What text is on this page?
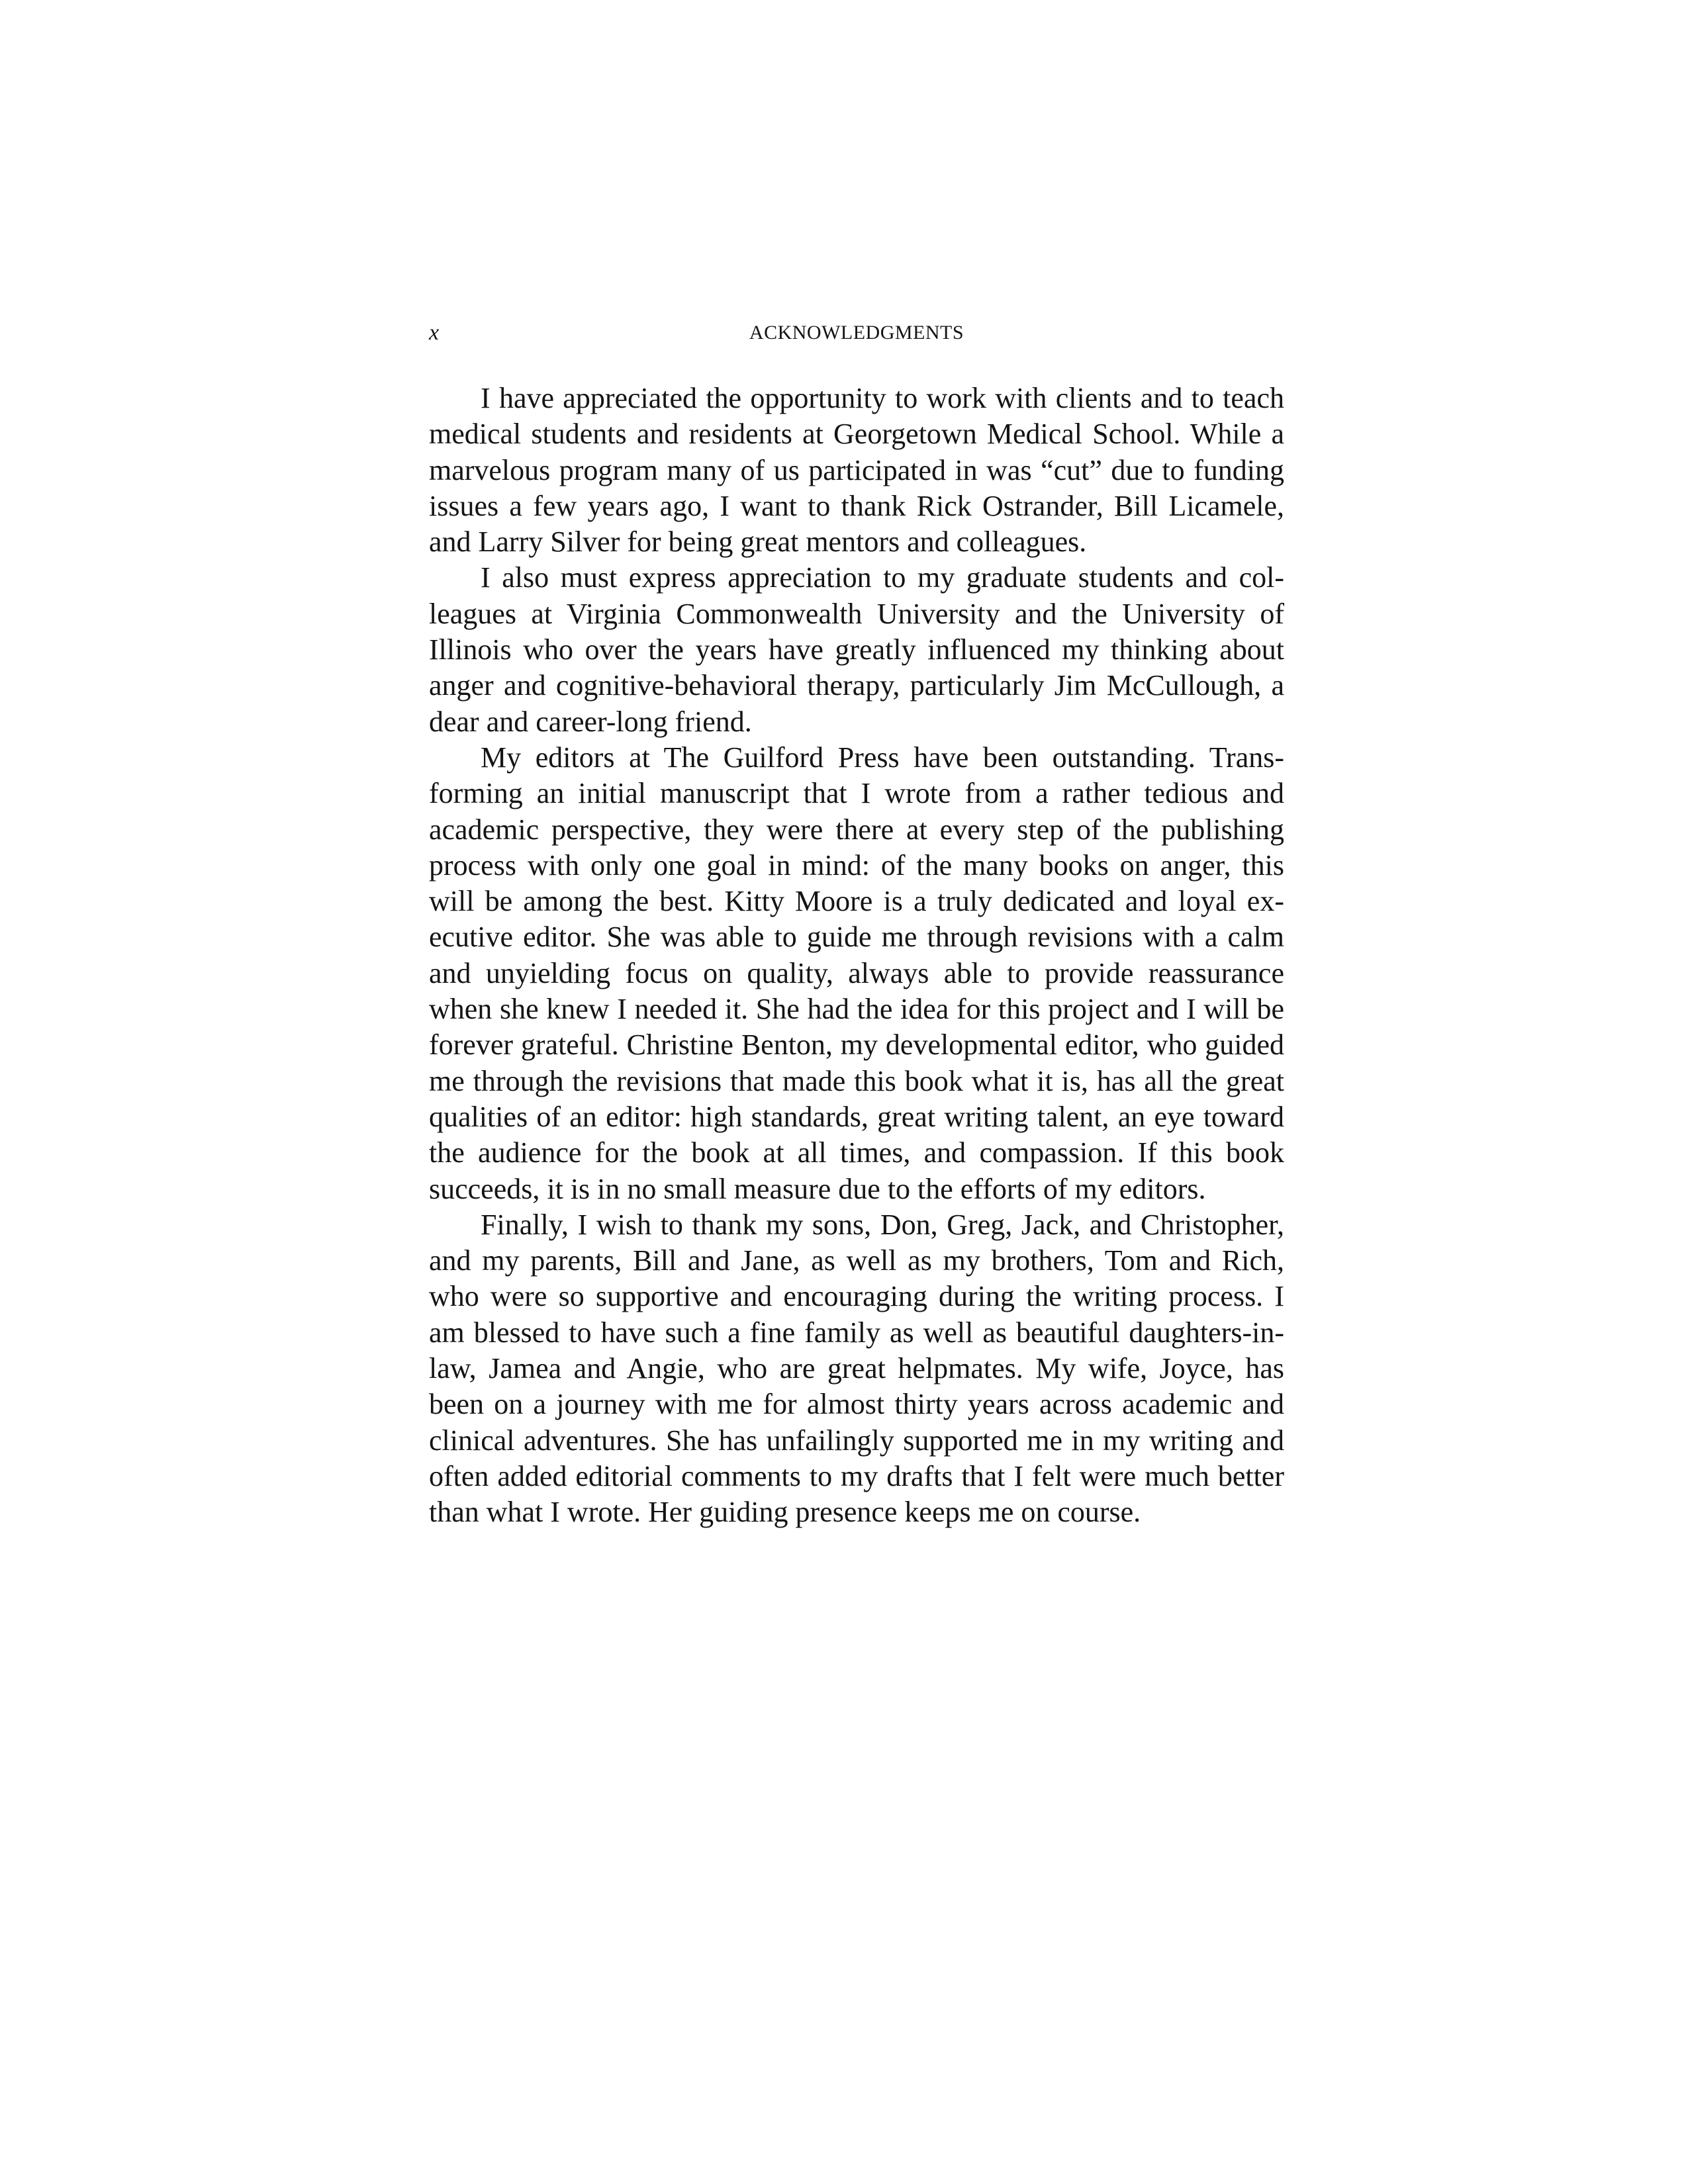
x	ACKNOWLEDGMENTS

I have appreciated the opportunity to work with clients and to teach medical students and residents at Georgetown Medical School. While a marvelous program many of us participated in was “cut” due to funding issues a few years ago, I want to thank Rick Ostrander, Bill Licamele, and Larry Silver for being great mentors and colleagues.

I also must express appreciation to my graduate students and colleagues at Virginia Commonwealth University and the University of Illinois who over the years have greatly influenced my thinking about anger and cognitive-behavioral therapy, particularly Jim McCullough, a dear and career-long friend.

My editors at The Guilford Press have been outstanding. Transforming an initial manuscript that I wrote from a rather tedious and academic perspective, they were there at every step of the publishing process with only one goal in mind: of the many books on anger, this will be among the best. Kitty Moore is a truly dedicated and loyal executive editor. She was able to guide me through revisions with a calm and unyielding focus on quality, always able to provide reassurance when she knew I needed it. She had the idea for this project and I will be forever grateful. Christine Benton, my developmental editor, who guided me through the revisions that made this book what it is, has all the great qualities of an editor: high standards, great writing talent, an eye toward the audience for the book at all times, and compassion. If this book succeeds, it is in no small measure due to the efforts of my editors.

Finally, I wish to thank my sons, Don, Greg, Jack, and Christopher, and my parents, Bill and Jane, as well as my brothers, Tom and Rich, who were so supportive and encouraging during the writing process. I am blessed to have such a fine family as well as beautiful daughters-in-law, Jamea and Angie, who are great helpmates. My wife, Joyce, has been on a journey with me for almost thirty years across academic and clinical adventures. She has unfailingly supported me in my writing and often added editorial comments to my drafts that I felt were much better than what I wrote. Her guiding presence keeps me on course.
